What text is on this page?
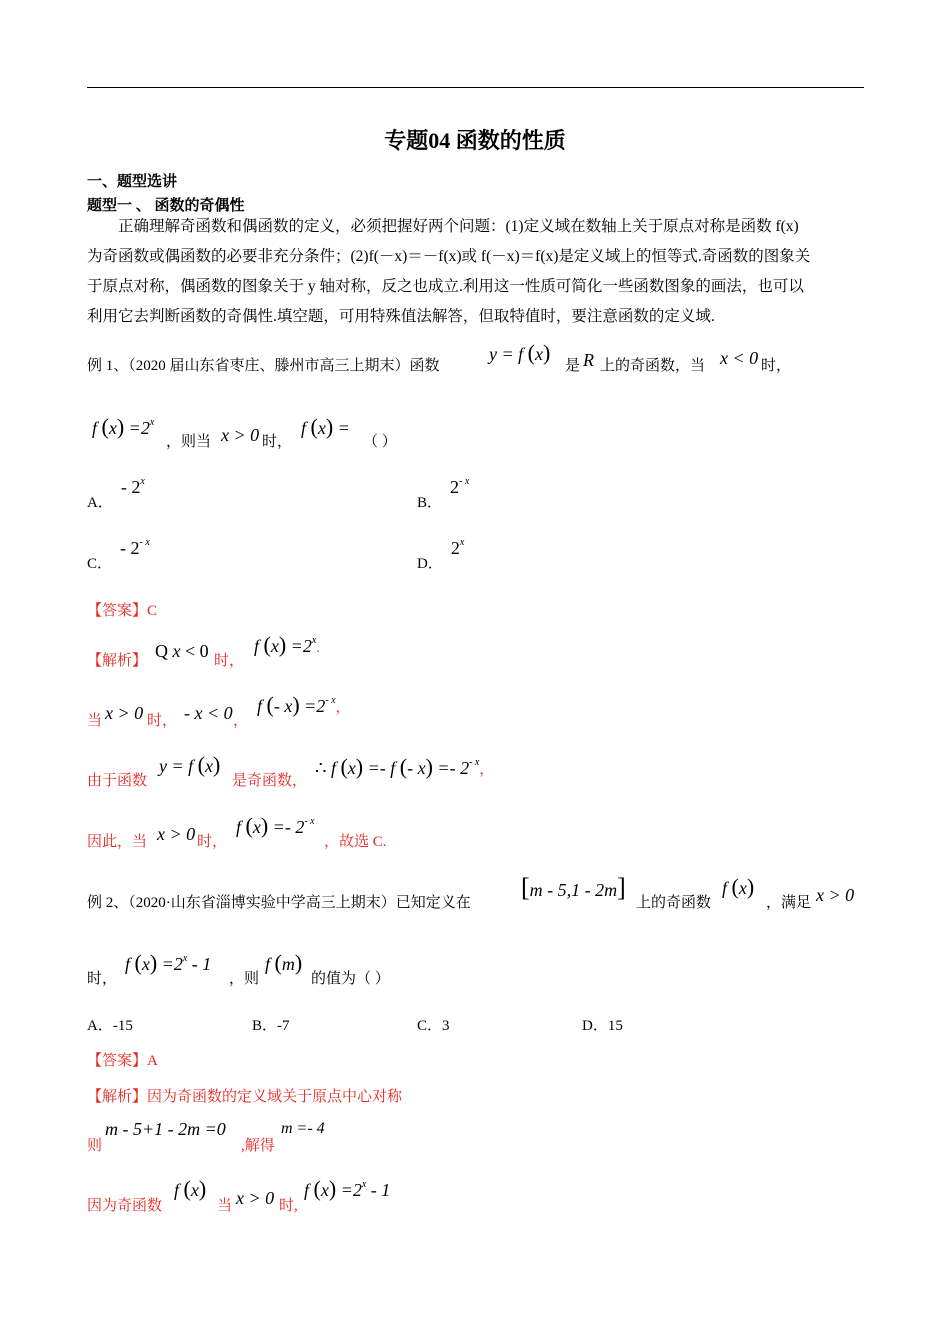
专题04 函数的性质
一、题型选讲
题型一 、 函数的奇偶性
正确理解奇函数和偶函数的定义，必须把握好两个问题：(1)定义域在数轴上关于原点对称是函数 f(x)
为奇函数或偶函数的必要非充分条件；(2)f(－x)＝－f(x)或 f(－x)＝f(x)是定义域上的恒等式.奇函数的图象关
于原点对称，偶函数的图象关于 y 轴对称，反之也成立.利用这一性质可简化一些函数图象的画法，也可以
利用它去判断函数的奇偶性.填空题，可用特殊值法解答，但取特值时，要注意函数的定义域.
例 1、（2020 届山东省枣庄、滕州市高三上期末）函数
y = f (x)
是 R 上的奇函数，当 x < 0 时，
f $(x) =2^x$
，则当 x > 0 时，
f (x) =
（ ）
A．- 2$^x$
B．$2^{- x}$
C．- $2^{- x}$
D．2$^x$
【答案】C
【解析】 Q x < 0 时，
f $(x) =2^x$.
当 x > 0 时， - x < 0 ，
f (- $x) =2^{- x}$，
由于函数
y = f (x)
是奇函数，
∴ f (x) =- f (- $x) =- 2^{- x}$，
因此，当 x > 0 时，
f $(x) =- 2^{- x}$
，故选 C.
例 2、（2020·山东省淄博实验中学高三上期末）已知定义在
[m - 5,1 - 2m]
上的奇函数
f (x)
，满足 x > 0
时，
f $(x) =2^x - 1$
，则
f (m)
的值为（ ）
A．-15	B．-7	C．3	D．15
【答案】A
【解析】因为奇函数的定义域关于原点中心对称
则
m - 5+1 - 2m =0
,解得
m =- 4
因为奇函数
f (x)
当 x > 0 时,
f $(x) =2^x - 1$
